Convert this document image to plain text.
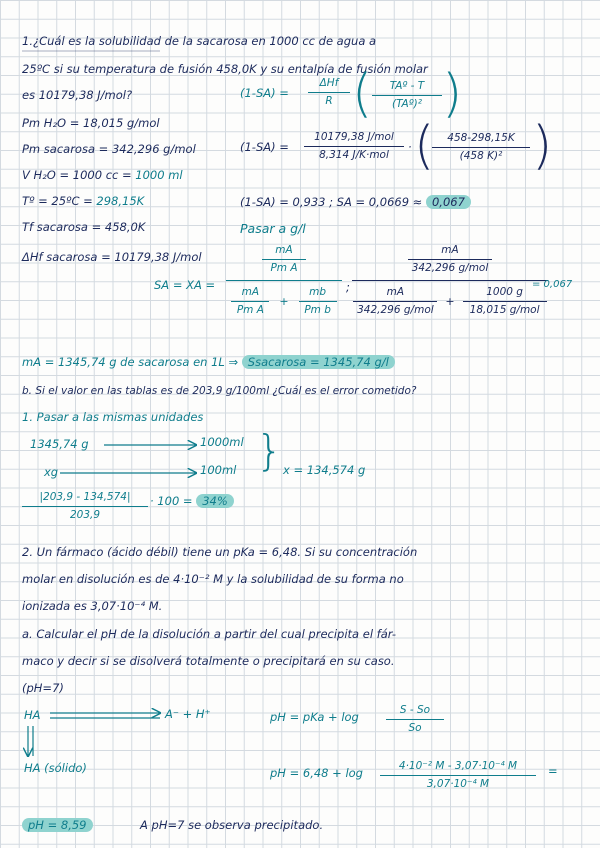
1.¿Cuál es la solubilidad de la sacarosa en 1000 cc de agua a
25ºC si su temperatura de fusión 458,0K y su entalpía de fusión molar
es 10179,38 J/mol?
Pm H₂O = 18,015 g/mol
Pm sacarosa = 342,296 g/mol
V H₂O = 1000 cc = 1000 ml
Tº = 25ºC = 298,15K
Tf sacarosa = 458,0K
ΔHf sacarosa = 10179,38 J/mol
(1-SA) =
ΔHf
R ( TAº - T
(TAº)² )
(1-SA) =
10179,38 J/mol
8,314 J/K·mol
· ( 458-298,15K
(458 K)² )
(1-SA) = 0,933 ; SA = 0,0669 ≈ 0,067
Pasar a g/l
SA = XA =
$\frac{mA}{\text{Pm A}}$
$\frac{mA}{\text{Pm A}} + \frac{mb}{\text{Pm b}}$ ;
$\frac{mA}{\text{342,296 g/mol}}$
$\frac{mA}{\text{342,296 g/mol}} + \frac{1000 g}{\text{18,015 g/mol}}$
= 0,067
mA = 1345,74 g de sacarosa en 1L ⇒ Ssacarosa = 1345,74 g/l
b. Si el valor en las tablas es de 203,9 g/100ml ¿Cuál es el error cometido?
1. Pasar a las mismas unidades
1345,74 g	1000ml
xg	100ml	x = 134,574 g
}
|203,9 - 134,574|
203,9
· 100 = 34%
2. Un fármaco (ácido débil) tiene un pKa = 6,48. Si su concentración
molar en disolución es de 4·10⁻² M y la solubilidad de su forma no
ionizada es 3,07·10⁻⁴ M.
a. Calcular el pH de la disolución a partir del cual precipita el fár-
maco y decir si se disolverá totalmente o precipitará en su caso.
(pH=7)
HA	A⁻ + H⁺
HA (sólido)
pH = pKa + log	S - So
So
pH = 6,48 + log	4·10⁻² M - 3,07·10⁻⁴ M
3,07·10⁻⁴ M
=
pH = 8,59	A pH=7 se observa precipitado.
